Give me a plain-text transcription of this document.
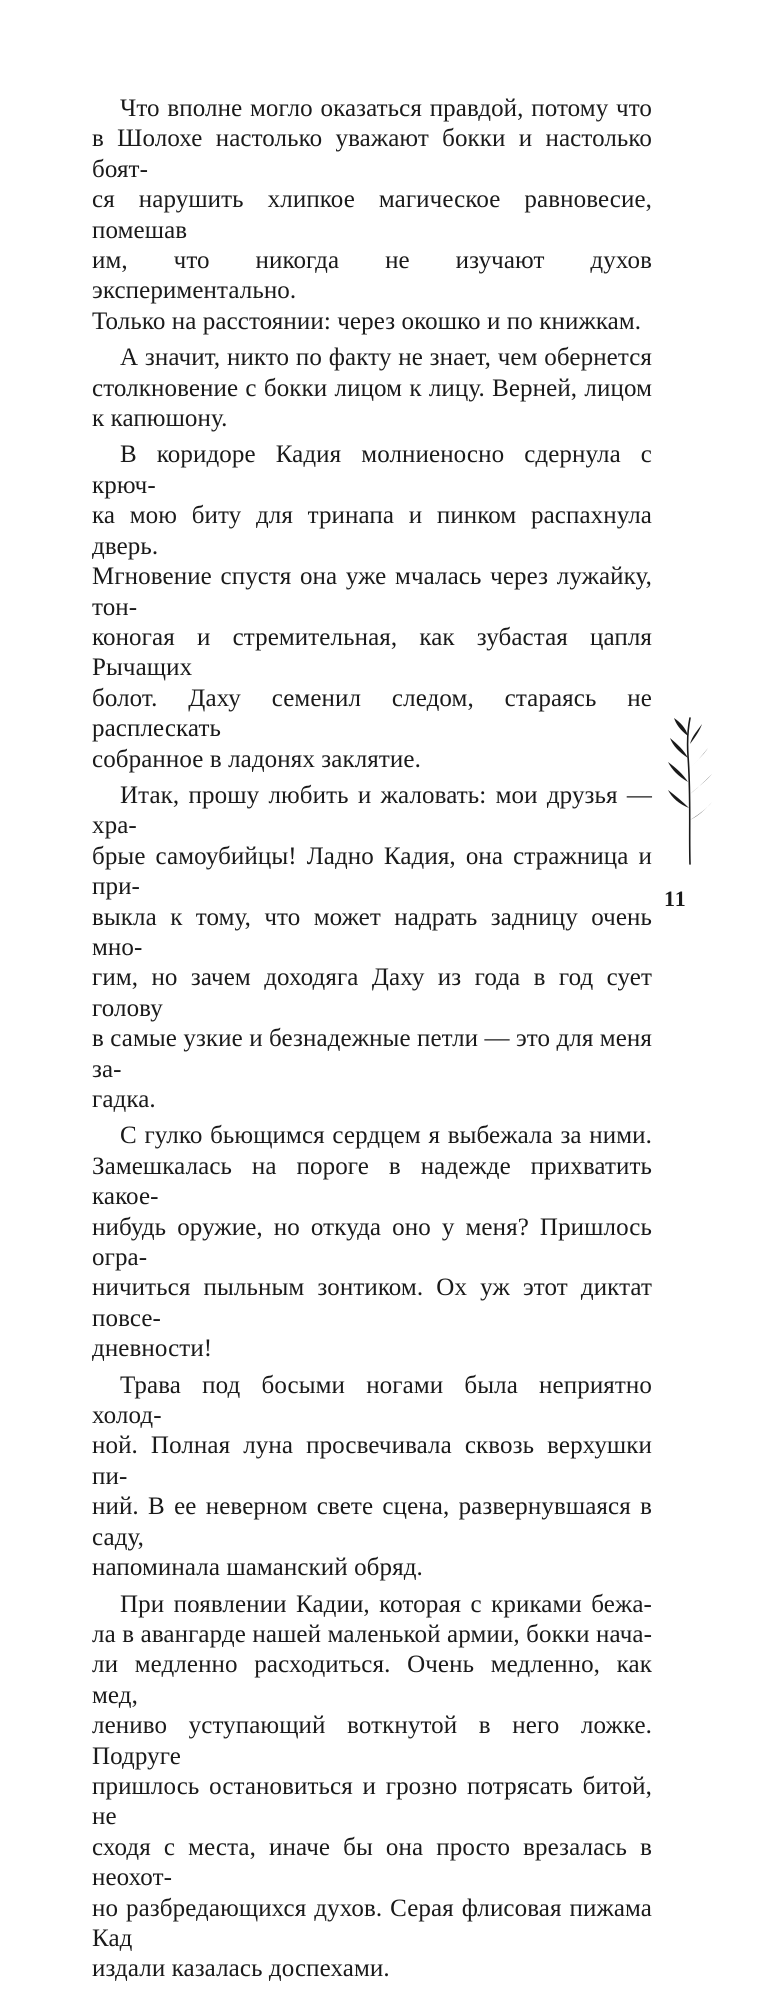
Что вполне могло оказаться правдой, потому что
в Шолохе настолько уважают бокки и настолько боят-
ся нарушить хлипкое магическое равновесие, помешав
им, что никогда не изучают духов экспериментально.
Только на расстоянии: через окошко и по книжкам.

А значит, никто по факту не знает, чем обернется
столкновение с бокки лицом к лицу. Верней, лицом
к капюшону.

В коридоре Кадия молниеносно сдернула с крюч-
ка мою биту для тринапа и пинком распахнула дверь.
Мгновение спустя она уже мчалась через лужайку, тон-
коногая и стремительная, как зубастая цапля Рычащих
болот. Даху семенил следом, стараясь не расплескать
собранное в ладонях заклятие.

Итак, прошу любить и жаловать: мои друзья — хра-
брые самоубийцы! Ладно Кадия, она стражница и при-
выкла к тому, что может надрать задницу очень мно-
гим, но зачем доходяга Даху из года в год сует голову
в самые узкие и безнадежные петли — это для меня за-
гадка.

С гулко бьющимся сердцем я выбежала за ними.
Замешкалась на пороге в надежде прихватить какое-
нибудь оружие, но откуда оно у меня? Пришлось огра-
ничиться пыльным зонтиком. Ох уж этот диктат повсе-
дневности!

Трава под босыми ногами была неприятно холод-
ной. Полная луна просвечивала сквозь верхушки пи-
ний. В ее неверном свете сцена, развернувшаяся в саду,
напоминала шаманский обряд.

При появлении Кадии, которая с криками бежа-
ла в авангарде нашей маленькой армии, бокки нача-
ли медленно расходиться. Очень медленно, как мед,
лениво уступающий воткнутой в него ложке. Подруге
пришлось остановиться и грозно потрясать битой, не
сходя с места, иначе бы она просто врезалась в неохот-
но разбредающихся духов. Серая флисовая пижама Кад
издали казалась доспехами.

11
